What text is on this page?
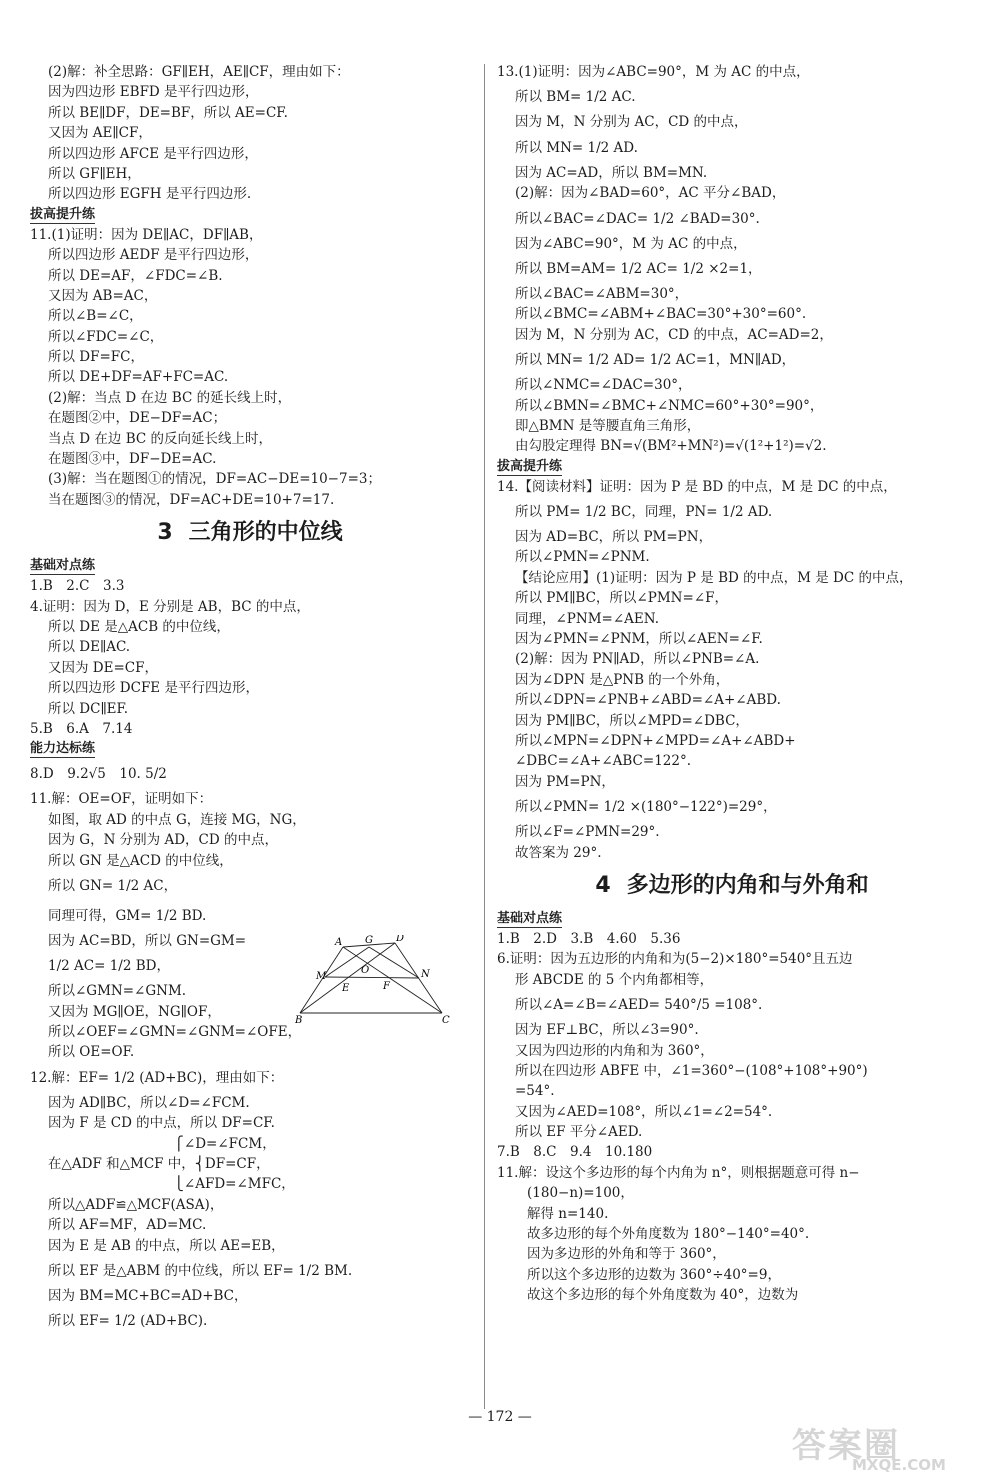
(2)解：补全思路：GF∥EH，AE∥CF，理由如下：
因为四边形 EBFD 是平行四边形，
所以 BE∥DF，DE=BF，所以 AE=CF.
又因为 AE∥CF，
所以四边形 AFCE 是平行四边形，
所以 GF∥EH，
所以四边形 EGFH 是平行四边形.
拔高提升练
11.(1)证明：因为 DE∥AC，DF∥AB，
所以四边形 AEDF 是平行四边形，
所以 DE=AF，∠FDC=∠B.
又因为 AB=AC，
所以∠B=∠C，
所以∠FDC=∠C，
所以 DF=FC，
所以 DE+DF=AF+FC=AC.
(2)解：当点 D 在边 BC 的延长线上时，
在题图②中，DE−DF=AC；
当点 D 在边 BC 的反向延长线上时，
在题图③中，DF−DE=AC.
(3)解：当在题图①的情况，DF=AC−DE=10−7=3；
当在题图③的情况，DF=AC+DE=10+7=17.
3 三角形的中位线
基础对点练
1.B　2.C　3.3
4.证明：因为 D，E 分别是 AB，BC 的中点，
所以 DE 是△ACB 的中位线，
所以 DE∥AC.
又因为 DE=CF，
所以四边形 DCFE 是平行四边形，
所以 DC∥EF.
5.B　6.A　7.14
能力达标练
8.D　9.2√5　10. 5/2
11.解：OE=OF，证明如下：
如图，取 AD 的中点 G，连接 MG，NG，
因为 G，N 分别为 AD，CD 的中点，
所以 GN 是△ACD 的中位线，
所以 GN= 1/2 AC，
同理可得，GM= 1/2 BD.
因为 AC=BD，所以 GN=GM=
1/2 AC= 1/2 BD，
所以∠GMN=∠GNM.
又因为 MG∥OE，NG∥OF，
所以∠OEF=∠GMN=∠GNM=∠OFE，
所以 OE=OF.
12.解：EF= 1/2 (AD+BC)，理由如下：
因为 AD∥BC，所以∠D=∠FCM.
因为 F 是 CD 的中点，所以 DF=CF.
　　　　　　　　　 ⎧∠D=∠FCM，
在△ADF 和△MCF 中，⎨DF=CF，
　　　　　　　　　 ⎩∠AFD=∠MFC，
所以△ADF≌△MCF(ASA)，
所以 AF=MF，AD=MC.
因为 E 是 AB 的中点，所以 AE=EB，
所以 EF 是△ABM 的中位线，所以 EF= 1/2 BM.
因为 BM=MC+BC=AD+BC，
所以 EF= 1/2 (AD+BC).
13.(1)证明：因为∠ABC=90°，M 为 AC 的中点，
所以 BM= 1/2 AC.
因为 M，N 分别为 AC，CD 的中点，
所以 MN= 1/2 AD.
因为 AC=AD，所以 BM=MN.
(2)解：因为∠BAD=60°，AC 平分∠BAD，
所以∠BAC=∠DAC= 1/2 ∠BAD=30°.
因为∠ABC=90°，M 为 AC 的中点，
所以 BM=AM= 1/2 AC= 1/2 ×2=1，
所以∠BAC=∠ABM=30°，
所以∠BMC=∠ABM+∠BAC=30°+30°=60°.
因为 M，N 分别为 AC，CD 的中点，AC=AD=2，
所以 MN= 1/2 AD= 1/2 AC=1，MN∥AD，
所以∠NMC=∠DAC=30°，
所以∠BMN=∠BMC+∠NMC=60°+30°=90°，
即△BMN 是等腰直角三角形，
由勾股定理得 BN=√(BM²+MN²)=√(1²+1²)=√2.
拔高提升练
14.【阅读材料】证明：因为 P 是 BD 的中点，M 是 DC 的中点，
所以 PM= 1/2 BC，同理，PN= 1/2 AD.
因为 AD=BC，所以 PM=PN，
所以∠PMN=∠PNM.
【结论应用】(1)证明：因为 P 是 BD 的中点，M 是 DC 的中点，
所以 PM∥BC，所以∠PMN=∠F，
同理，∠PNM=∠AEN.
因为∠PMN=∠PNM，所以∠AEN=∠F.
(2)解：因为 PN∥AD，所以∠PNB=∠A.
因为∠DPN 是△PNB 的一个外角，
所以∠DPN=∠PNB+∠ABD=∠A+∠ABD.
因为 PM∥BC，所以∠MPD=∠DBC，
所以∠MPN=∠DPN+∠MPD=∠A+∠ABD+
∠DBC=∠A+∠ABC=122°.
因为 PM=PN，
所以∠PMN= 1/2 ×(180°−122°)=29°，
所以∠F=∠PMN=29°.
故答案为 29°.
4 多边形的内角和与外角和
基础对点练
1.B　2.D　3.B　4.60　5.36
6.证明：因为五边形的内角和为(5−2)×180°=540°且五边
形 ABCDE 的 5 个内角都相等，
所以∠A=∠B=∠AED= 540°/5 =108°.
因为 EF⊥BC，所以∠3=90°.
又因为四边形的内角和为 360°，
所以在四边形 ABFE 中，∠1=360°−(108°+108°+90°)
=54°.
又因为∠AED=108°，所以∠1=∠2=54°.
所以 EF 平分∠AED.
7.B　8.C　9.4　10.180
11.解：设这个多边形的每个内角为 n°，则根据题意可得 n−
(180−n)=100，
解得 n=140.
故多边形的每个外角度数为 180°−140°=40°.
因为多边形的外角和等于 360°，
所以这个多边形的边数为 360°÷40°=9，
故这个多边形的每个外角度数为 40°，边数为
A G D
M
O	N
E	F
B	C
— 172 —
答案圈
MXQE.COM
